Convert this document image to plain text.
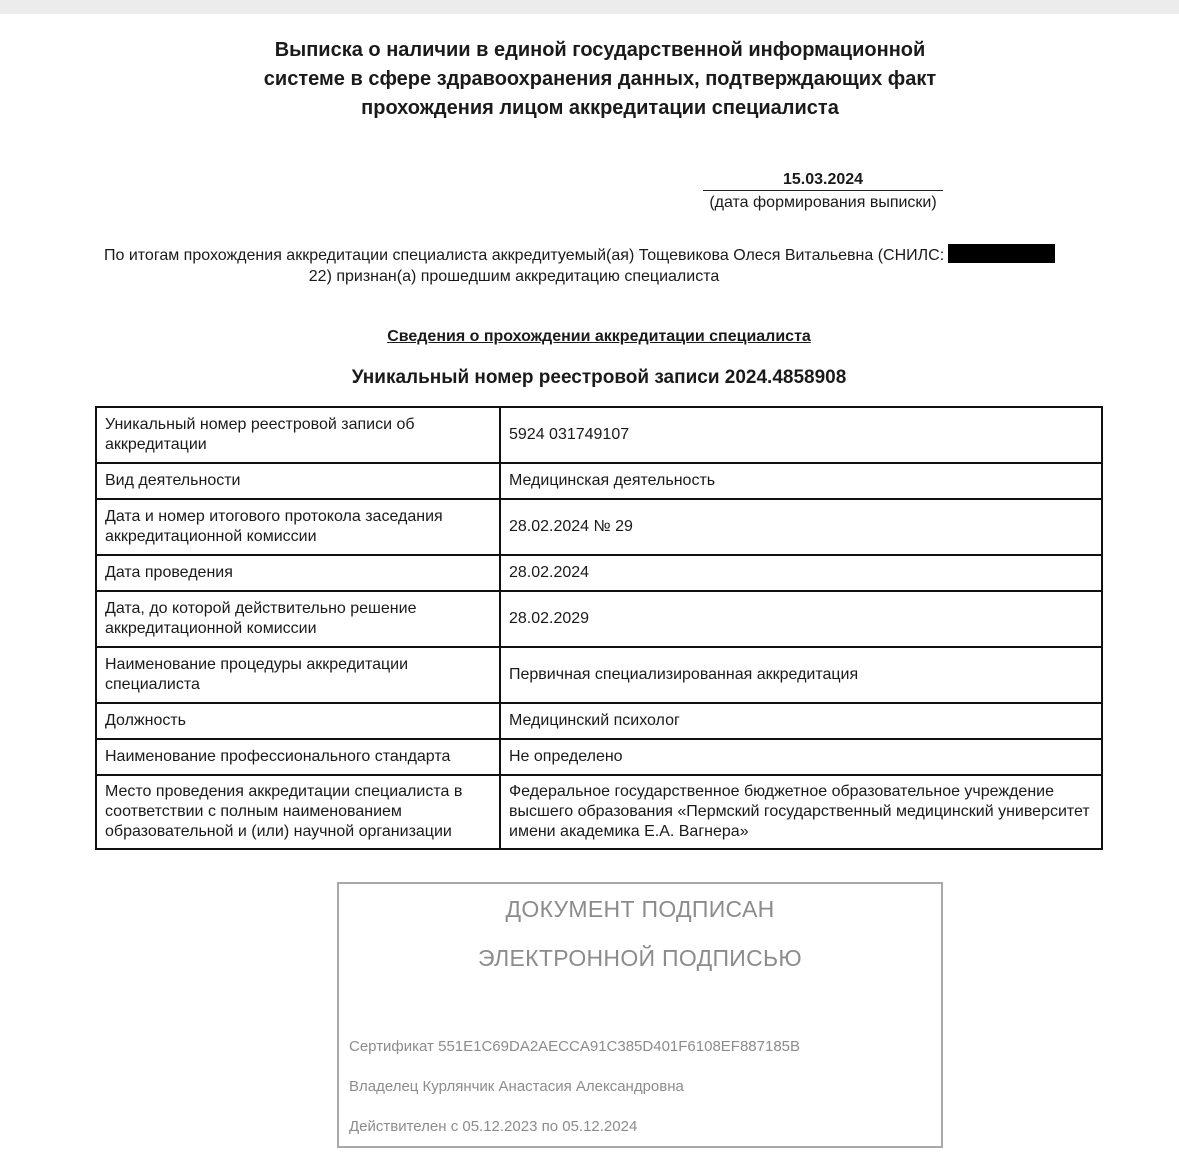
Выписка о наличии в единой государственной информационной
системе в сфере здравоохранения данных, подтверждающих факт
прохождения лицом аккредитации специалиста
15.03.2024
(дата формирования выписки)
По итогам прохождения аккредитации специалиста аккредитуемый(ая) Тощевикова Олеся Витальевна (СНИЛС:
22) признан(а) прошедшим аккредитацию специалиста
Сведения о прохождении аккредитации специалиста
Уникальный номер реестровой записи 2024.4858908
Уникальный номер реестровой записи об аккредитации	5924 031749107
Вид деятельности	Медицинская деятельность
Дата и номер итогового протокола заседания аккредитационной комиссии	28.02.2024 № 29
Дата проведения	28.02.2024
Дата, до которой действительно решение аккредитационной комиссии	28.02.2029
Наименование процедуры аккредитации специалиста	Первичная специализированная аккредитация
Должность	Медицинский психолог
Наименование профессионального стандарта	Не определено
Место проведения аккредитации специалиста в соответствии с полным наименованием образовательной и (или) научной организации	Федеральное государственное бюджетное образовательное учреждение высшего образования «Пермский государственный медицинский университет имени академика Е.А. Вагнера»
ДОКУМЕНТ ПОДПИСАН
ЭЛЕКТРОННОЙ ПОДПИСЬЮ
Сертификат 551E1C69DA2AECCA91C385D401F6108EF887185B
Владелец Курлянчик Анастасия Александровна
Действителен с 05.12.2023 по 05.12.2024
